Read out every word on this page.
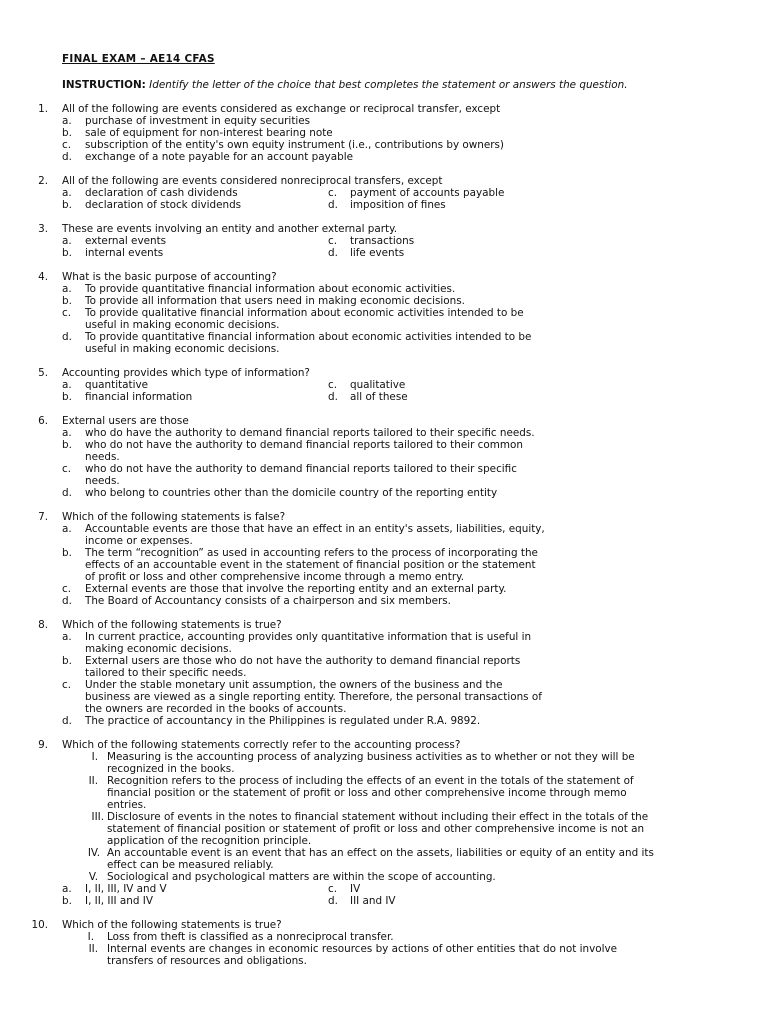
FINAL EXAM – AE14 CFAS
INSTRUCTION: Identify the letter of the choice that best completes the statement or answers the question.
1. All of the following are events considered as exchange or reciprocal transfer, except
a. purchase of investment in equity securities
b. sale of equipment for non-interest bearing note
c. subscription of the entity's own equity instrument (i.e., contributions by owners)
d. exchange of a note payable for an account payable
2. All of the following are events considered nonreciprocal transfers, except
a. declaration of cash dividends	c. payment of accounts payable
b. declaration of stock dividends	d. imposition of fines
3. These are events involving an entity and another external party.
a. external events	c. transactions
b. internal events	d. life events
4. What is the basic purpose of accounting?
a. To provide quantitative financial information about economic activities.
b. To provide all information that users need in making economic decisions.
c. To provide qualitative financial information about economic activities intended to be
useful in making economic decisions.
d. To provide quantitative financial information about economic activities intended to be
useful in making economic decisions.
5. Accounting provides which type of information?
a. quantitative	c. qualitative
b. financial information	d. all of these
6. External users are those
a. who do have the authority to demand financial reports tailored to their specific needs.
b. who do not have the authority to demand financial reports tailored to their common
needs.
c. who do not have the authority to demand financial reports tailored to their specific
needs.
d. who belong to countries other than the domicile country of the reporting entity
7. Which of the following statements is false?
a. Accountable events are those that have an effect in an entity's assets, liabilities, equity,
income or expenses.
b. The term “recognition” as used in accounting refers to the process of incorporating the
effects of an accountable event in the statement of financial position or the statement
of profit or loss and other comprehensive income through a memo entry.
c. External events are those that involve the reporting entity and an external party.
d. The Board of Accountancy consists of a chairperson and six members.
8. Which of the following statements is true?
a. In current practice, accounting provides only quantitative information that is useful in
making economic decisions.
b. External users are those who do not have the authority to demand financial reports
tailored to their specific needs.
c. Under the stable monetary unit assumption, the owners of the business and the
business are viewed as a single reporting entity. Therefore, the personal transactions of
the owners are recorded in the books of accounts.
d. The practice of accountancy in the Philippines is regulated under R.A. 9892.
9. Which of the following statements correctly refer to the accounting process?
I. Measuring is the accounting process of analyzing business activities as to whether or not they will be
recognized in the books.
II. Recognition refers to the process of including the effects of an event in the totals of the statement of
financial position or the statement of profit or loss and other comprehensive income through memo
entries.
III. Disclosure of events in the notes to financial statement without including their effect in the totals of the
statement of financial position or statement of profit or loss and other comprehensive income is not an
application of the recognition principle.
IV. An accountable event is an event that has an effect on the assets, liabilities or equity of an entity and its
effect can be measured reliably.
V. Sociological and psychological matters are within the scope of accounting.
a. I, II, III, IV and V	c. IV
b. I, II, III and IV	d. III and IV
10. Which of the following statements is true?
I. Loss from theft is classified as a nonreciprocal transfer.
II. Internal events are changes in economic resources by actions of other entities that do not involve
transfers of resources and obligations.
